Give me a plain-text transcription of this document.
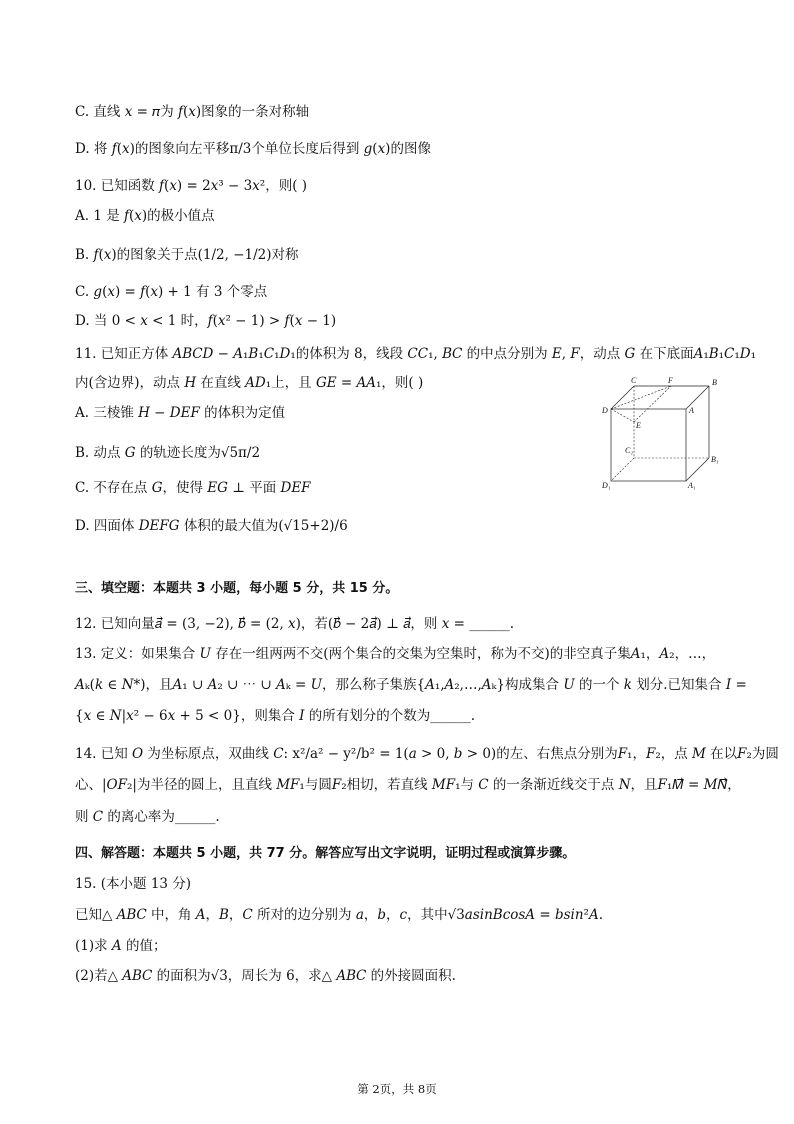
C. 直线 𝑥 = 𝜋为 𝑓(𝑥)图象的一条对称轴
D. 将 𝑓(𝑥)的图象向左平移π/3个单位长度后得到 𝑔(𝑥)的图像
10. 已知函数 𝑓(𝑥) = 2𝑥³ − 3𝑥²，则( )
A. 1 是 𝑓(𝑥)的极小值点
B. 𝑓(𝑥)的图象关于点(1/2, −1/2)对称
C. 𝑔(𝑥) = 𝑓(𝑥) + 1 有 3 个零点
D. 当 0 < 𝑥 < 1 时，𝑓(𝑥² − 1) > 𝑓(𝑥 − 1)
11. 已知正方体 𝐴𝐵𝐶𝐷 − 𝐴₁𝐵₁𝐶₁𝐷₁的体积为 8，线段 𝐶𝐶₁, 𝐵𝐶 的中点分别为 𝐸, 𝐹，动点 𝐺 在下底面𝐴₁𝐵₁𝐶₁𝐷₁
内(含边界)，动点 𝐻 在直线 𝐴𝐷₁上，且 𝐺𝐸 = 𝐴𝐴₁，则( )
A. 三棱锥 𝐻 − 𝐷𝐸𝐹 的体积为定值
B. 动点 𝐺 的轨迹长度为√5π/2
C. 不存在点 𝐺，使得 𝐸𝐺 ⊥ 平面 𝐷𝐸𝐹
D. 四面体 𝐷𝐸𝐹𝐺 体积的最大值为(√15+2)/6
三、填空题：本题共 3 小题，每小题 5 分，共 15 分。
12. 已知向量𝑎⃗ = (3, −2), 𝑏⃗ = (2, 𝑥)，若(𝑏⃗ − 2𝑎⃗) ⊥ 𝑎⃗，则 𝑥 = ______.
13. 定义：如果集合 𝑈 存在一组两两不交(两个集合的交集为空集时，称为不交)的非空真子集𝐴₁，𝐴₂，…，
𝐴ₖ(𝑘 ∈ 𝑁*)，且𝐴₁ ∪ 𝐴₂ ∪ ⋯ ∪ 𝐴ₖ = 𝑈，那么称子集族{𝐴₁,𝐴₂,…,𝐴ₖ}构成集合 𝑈 的一个 𝑘 划分.已知集合 𝐼 =
{𝑥 ∈ 𝑁|𝑥² − 6𝑥 + 5 < 0}，则集合 𝐼 的所有划分的个数为______.
14. 已知 𝑂 为坐标原点，双曲线 𝐶: x²/a² − y²/b² = 1(𝑎 > 0, 𝑏 > 0)的左、右焦点分别为𝐹₁，𝐹₂，点 𝑀 在以𝐹₂为圆
心、|𝑂𝐹₂|为半径的圆上，且直线 𝑀𝐹₁与圆𝐹₂相切，若直线 𝑀𝐹₁与 𝐶 的一条渐近线交于点 𝑁，且𝐹₁𝑀⃗ = 𝑀𝑁⃗，
则 𝐶 的离心率为______.
四、解答题：本题共 5 小题，共 77 分。解答应写出文字说明，证明过程或演算步骤。
15. (本小题 13 分)
已知△ 𝐴𝐵𝐶 中，角 𝐴，𝐵，𝐶 所对的边分别为 𝑎，𝑏，𝑐，其中√3𝑎𝑠𝑖𝑛𝐵𝑐𝑜𝑠𝐴 = 𝑏𝑠𝑖𝑛²𝐴.
(1)求 𝐴 的值；
(2)若△ 𝐴𝐵𝐶 的面积为√3，周长为 6，求△ 𝐴𝐵𝐶 的外接圆面积.
C	F	B
D	A
E
C₁
B₁
D₁	A₁
第 2页，共 8页
